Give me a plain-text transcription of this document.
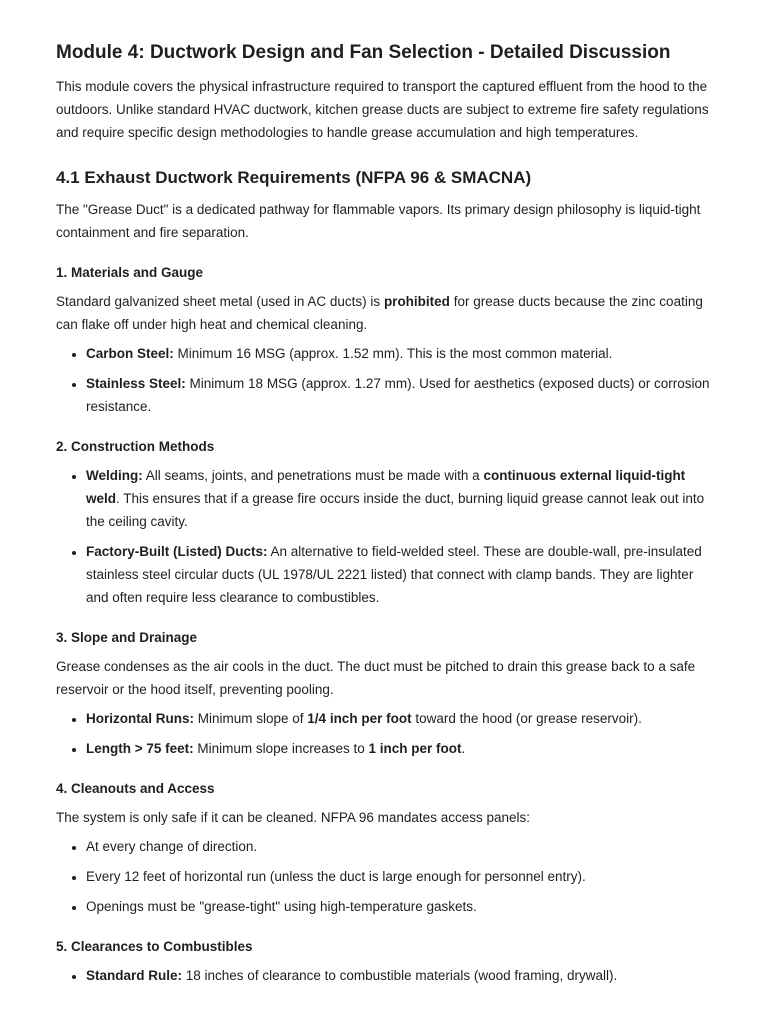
Module 4: Ductwork Design and Fan Selection - Detailed Discussion

This module covers the physical infrastructure required to transport the captured effluent from the hood to the outdoors. Unlike standard HVAC ductwork, kitchen grease ducts are subject to extreme fire safety regulations and require specific design methodologies to handle grease accumulation and high temperatures.

4.1 Exhaust Ductwork Requirements (NFPA 96 & SMACNA)

The "Grease Duct" is a dedicated pathway for flammable vapors. Its primary design philosophy is liquid-tight containment and fire separation.

1. Materials and Gauge

Standard galvanized sheet metal (used in AC ducts) is prohibited for grease ducts because the zinc coating can flake off under high heat and chemical cleaning.

• Carbon Steel: Minimum 16 MSG (approx. 1.52 mm). This is the most common material.
• Stainless Steel: Minimum 18 MSG (approx. 1.27 mm). Used for aesthetics (exposed ducts) or corrosion resistance.
2. Construction Methods
• Welding: All seams, joints, and penetrations must be made with a continuous external liquid-tight weld. This ensures that if a grease fire occurs inside the duct, burning liquid grease cannot leak out into the ceiling cavity.
• Factory-Built (Listed) Ducts: An alternative to field-welded steel. These are double-wall, pre-insulated stainless steel circular ducts (UL 1978/UL 2221 listed) that connect with clamp bands. They are lighter and often require less clearance to combustibles.
3. Slope and Drainage

Grease condenses as the air cools in the duct. The duct must be pitched to drain this grease back to a safe reservoir or the hood itself, preventing pooling.

• Horizontal Runs: Minimum slope of 1/4 inch per foot toward the hood (or grease reservoir).
• Length > 75 feet: Minimum slope increases to 1 inch per foot.
4. Cleanouts and Access

The system is only safe if it can be cleaned. NFPA 96 mandates access panels:

• At every change of direction.
• Every 12 feet of horizontal run (unless the duct is large enough for personnel entry).
• Openings must be "grease-tight" using high-temperature gaskets.
5. Clearances to Combustibles
• Standard Rule: 18 inches of clearance to combustible materials (wood framing, drywall).
